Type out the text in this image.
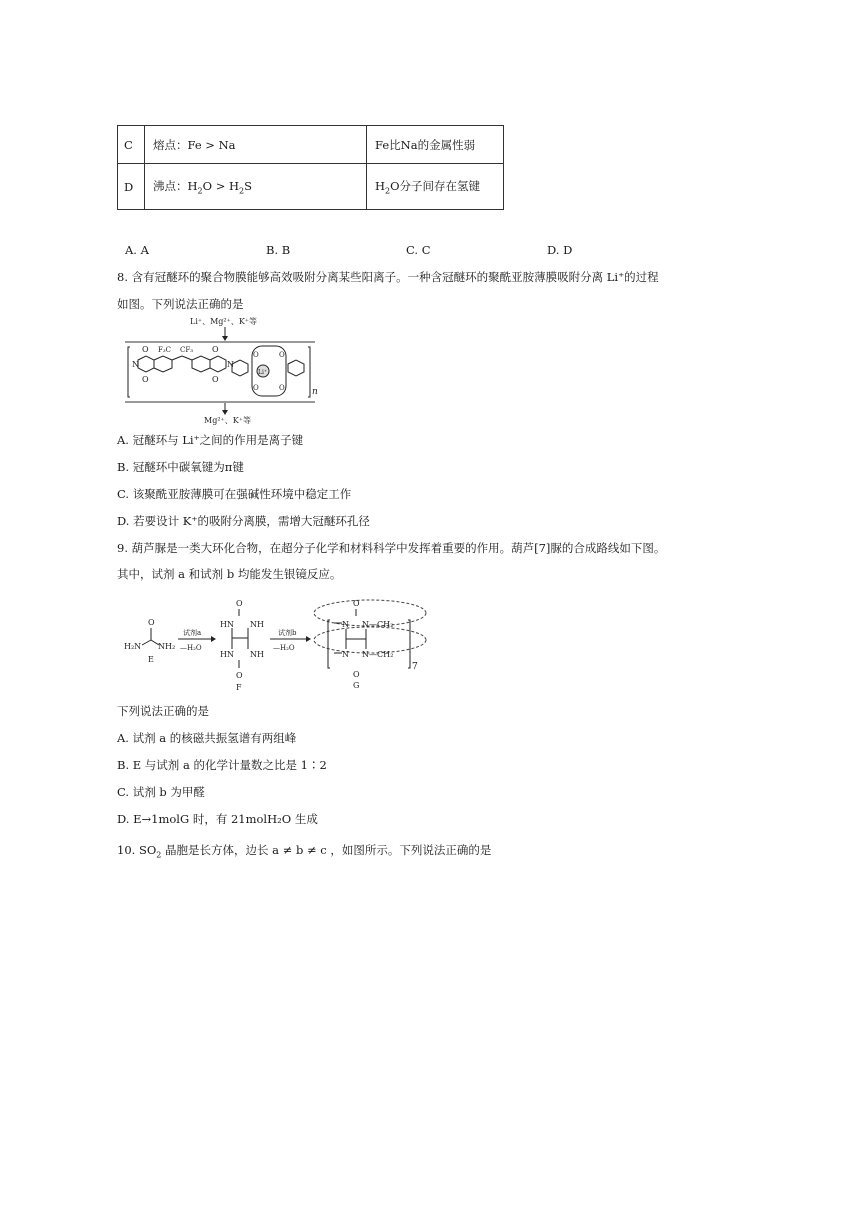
C	熔点：Fe > Na	Fe比Na的金属性弱
D	沸点：$H_2O > H_2S$	$H_2O$分子间存在氢键
A. A	B. B	C. C	D. D
8. 含有冠醚环的聚合物膜能够高效吸附分离某些阳离子。一种含冠醚环的聚酰亚胺薄膜吸附分离 Li⁺的过程
如图。下列说法正确的是
Li⁺、Mg²⁺、K⁺等
n
N
O
O
F₃C CF₃ O
O
N
Li⁺
O	O
O	O
Mg²⁺、K⁺等
A. 冠醚环与 Li⁺之间的作用是离子键
B. 冠醚环中碳氧键为π键
C. 该聚酰亚胺薄膜可在强碱性环境中稳定工作
D. 若要设计 K⁺的吸附分离膜，需增大冠醚环孔径
9. 葫芦脲是一类大环化合物，在超分子化学和材料科学中发挥着重要的作用。葫芦[7]脲的合成路线如下图。
其中，试剂 a 和试剂 b 均能发生银镜反应。
H₂N NH₂
O
E
试剂a
—H₂O
O
HN NH
HN NH
O
F
试剂b
—H₂O
7
O
N N —CH₂
N N —CH₂
O
G
下列说法正确的是
A. 试剂 a 的核磁共振氢谱有两组峰
B. E 与试剂 a 的化学计量数之比是 1∶2
C. 试剂 b 为甲醛
D. E→1molG 时，有 21molH₂O 生成
10. $SO_2$ 晶胞是长方体，边长 a ≠ b ≠ c ，如图所示。下列说法正确的是
